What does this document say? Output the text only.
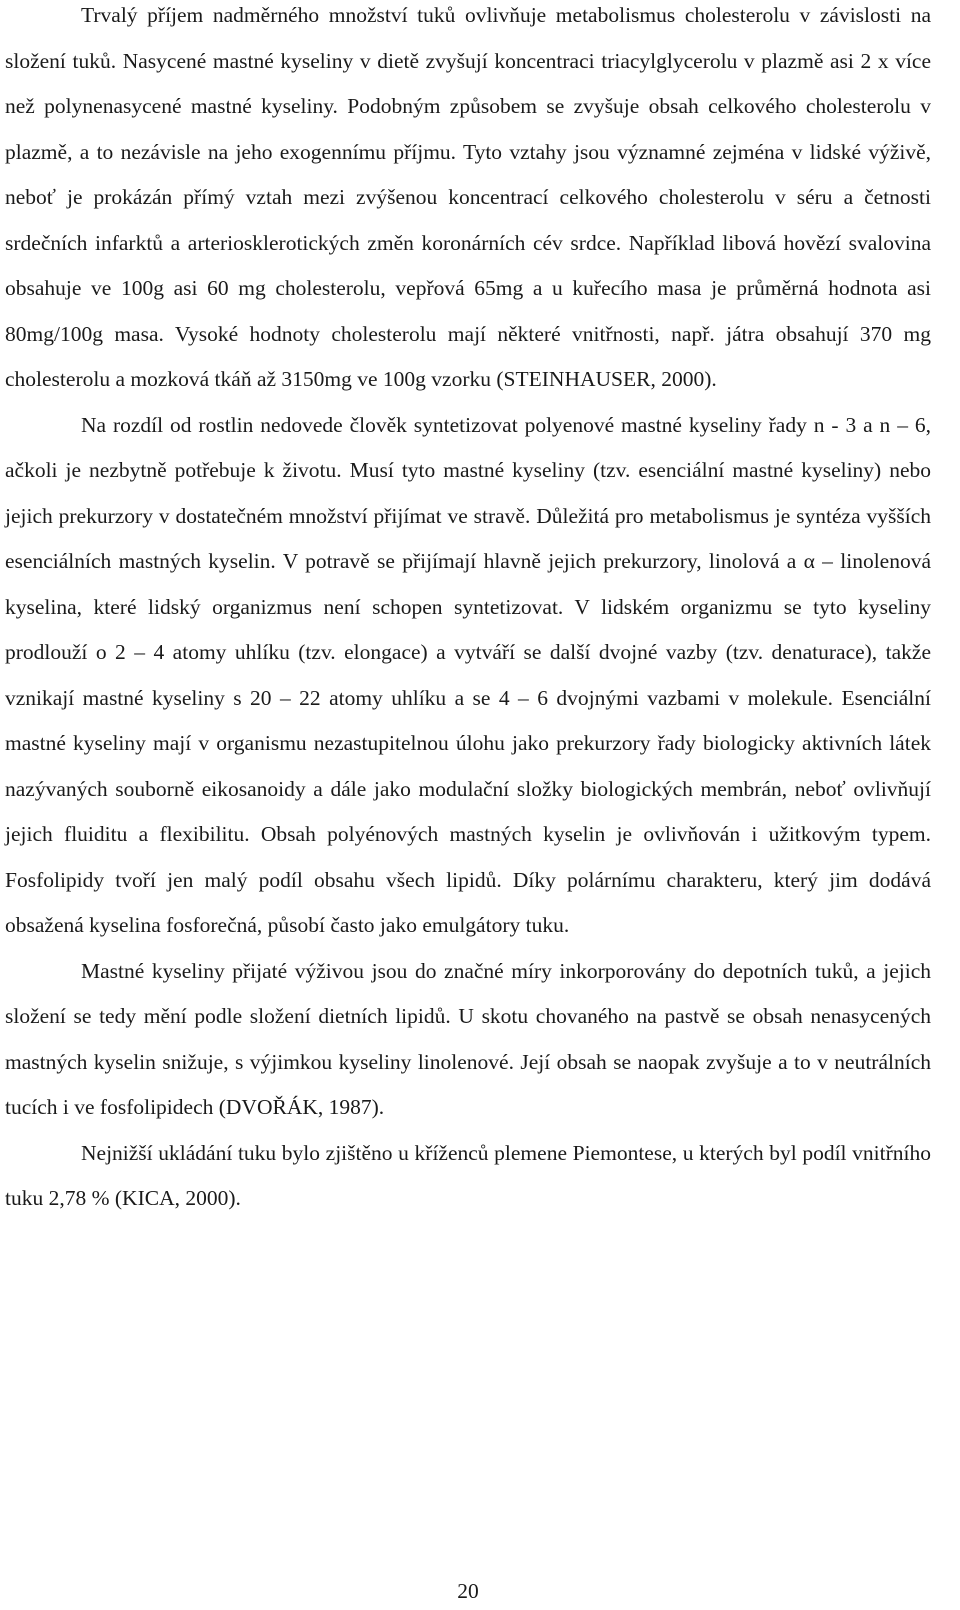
Trvalý příjem nadměrného množství tuků ovlivňuje metabolismus cholesterolu v závislosti na složení tuků. Nasycené mastné kyseliny v dietě zvyšují koncentraci triacylglycerolu v plazmě asi 2 x více než polynenasycené mastné kyseliny. Podobným způsobem se zvyšuje obsah celkového cholesterolu v plazmě, a to nezávisle na jeho exogennímu příjmu. Tyto vztahy jsou významné zejména v lidské výživě, neboť je prokázán přímý vztah mezi zvýšenou koncentrací celkového cholesterolu v séru a četnosti srdečních infarktů a arteriosklerotických změn koronárních cév srdce. Například libová hovězí svalovina obsahuje ve 100g asi 60 mg cholesterolu, vepřová 65mg a u kuřecího masa je průměrná hodnota asi 80mg/100g masa. Vysoké hodnoty cholesterolu mají některé vnitřnosti, např. játra obsahují 370 mg cholesterolu a mozková tkáň až 3150mg ve 100g vzorku (STEINHAUSER, 2000).

Na rozdíl od rostlin nedovede člověk syntetizovat polyenové mastné kyseliny řady n - 3 a n – 6, ačkoli je nezbytně potřebuje k životu. Musí tyto mastné kyseliny (tzv. esenciální mastné kyseliny) nebo jejich prekurzory v dostatečném množství přijímat ve stravě. Důležitá pro metabolismus je syntéza vyšších esenciálních mastných kyselin. V potravě se přijímají hlavně jejich prekurzory, linolová a α – linolenová kyselina, které lidský organizmus není schopen syntetizovat. V lidském organizmu se tyto kyseliny prodlouží o 2 – 4 atomy uhlíku (tzv. elongace) a vytváří se další dvojné vazby (tzv. denaturace), takže vznikají mastné kyseliny s 20 – 22 atomy uhlíku a se 4 – 6 dvojnými vazbami v molekule. Esenciální mastné kyseliny mají v organismu nezastupitelnou úlohu jako prekurzory řady biologicky aktivních látek nazývaných souborně eikosanoidy a dále jako modulační složky biologických membrán, neboť ovlivňují jejich fluiditu a flexibilitu. Obsah polyénových mastných kyselin je ovlivňován i užitkovým typem. Fosfolipidy tvoří jen malý podíl obsahu všech lipidů. Díky polárnímu charakteru, který jim dodává obsažená kyselina fosforečná, působí často jako emulgátory tuku.

Mastné kyseliny přijaté výživou jsou do značné míry inkorporovány do depotních tuků, a jejich složení se tedy mění podle složení dietních lipidů. U skotu chovaného na pastvě se obsah nenasycených mastných kyselin snižuje, s výjimkou kyseliny linolenové. Její obsah se naopak zvyšuje a to v neutrálních tucích i ve fosfolipidech (DVOŘÁK, 1987).

Nejnižší ukládání tuku bylo zjištěno u kříženců plemene Piemontese, u kterých byl podíl vnitřního tuku 2,78 % (KICA, 2000).

20
